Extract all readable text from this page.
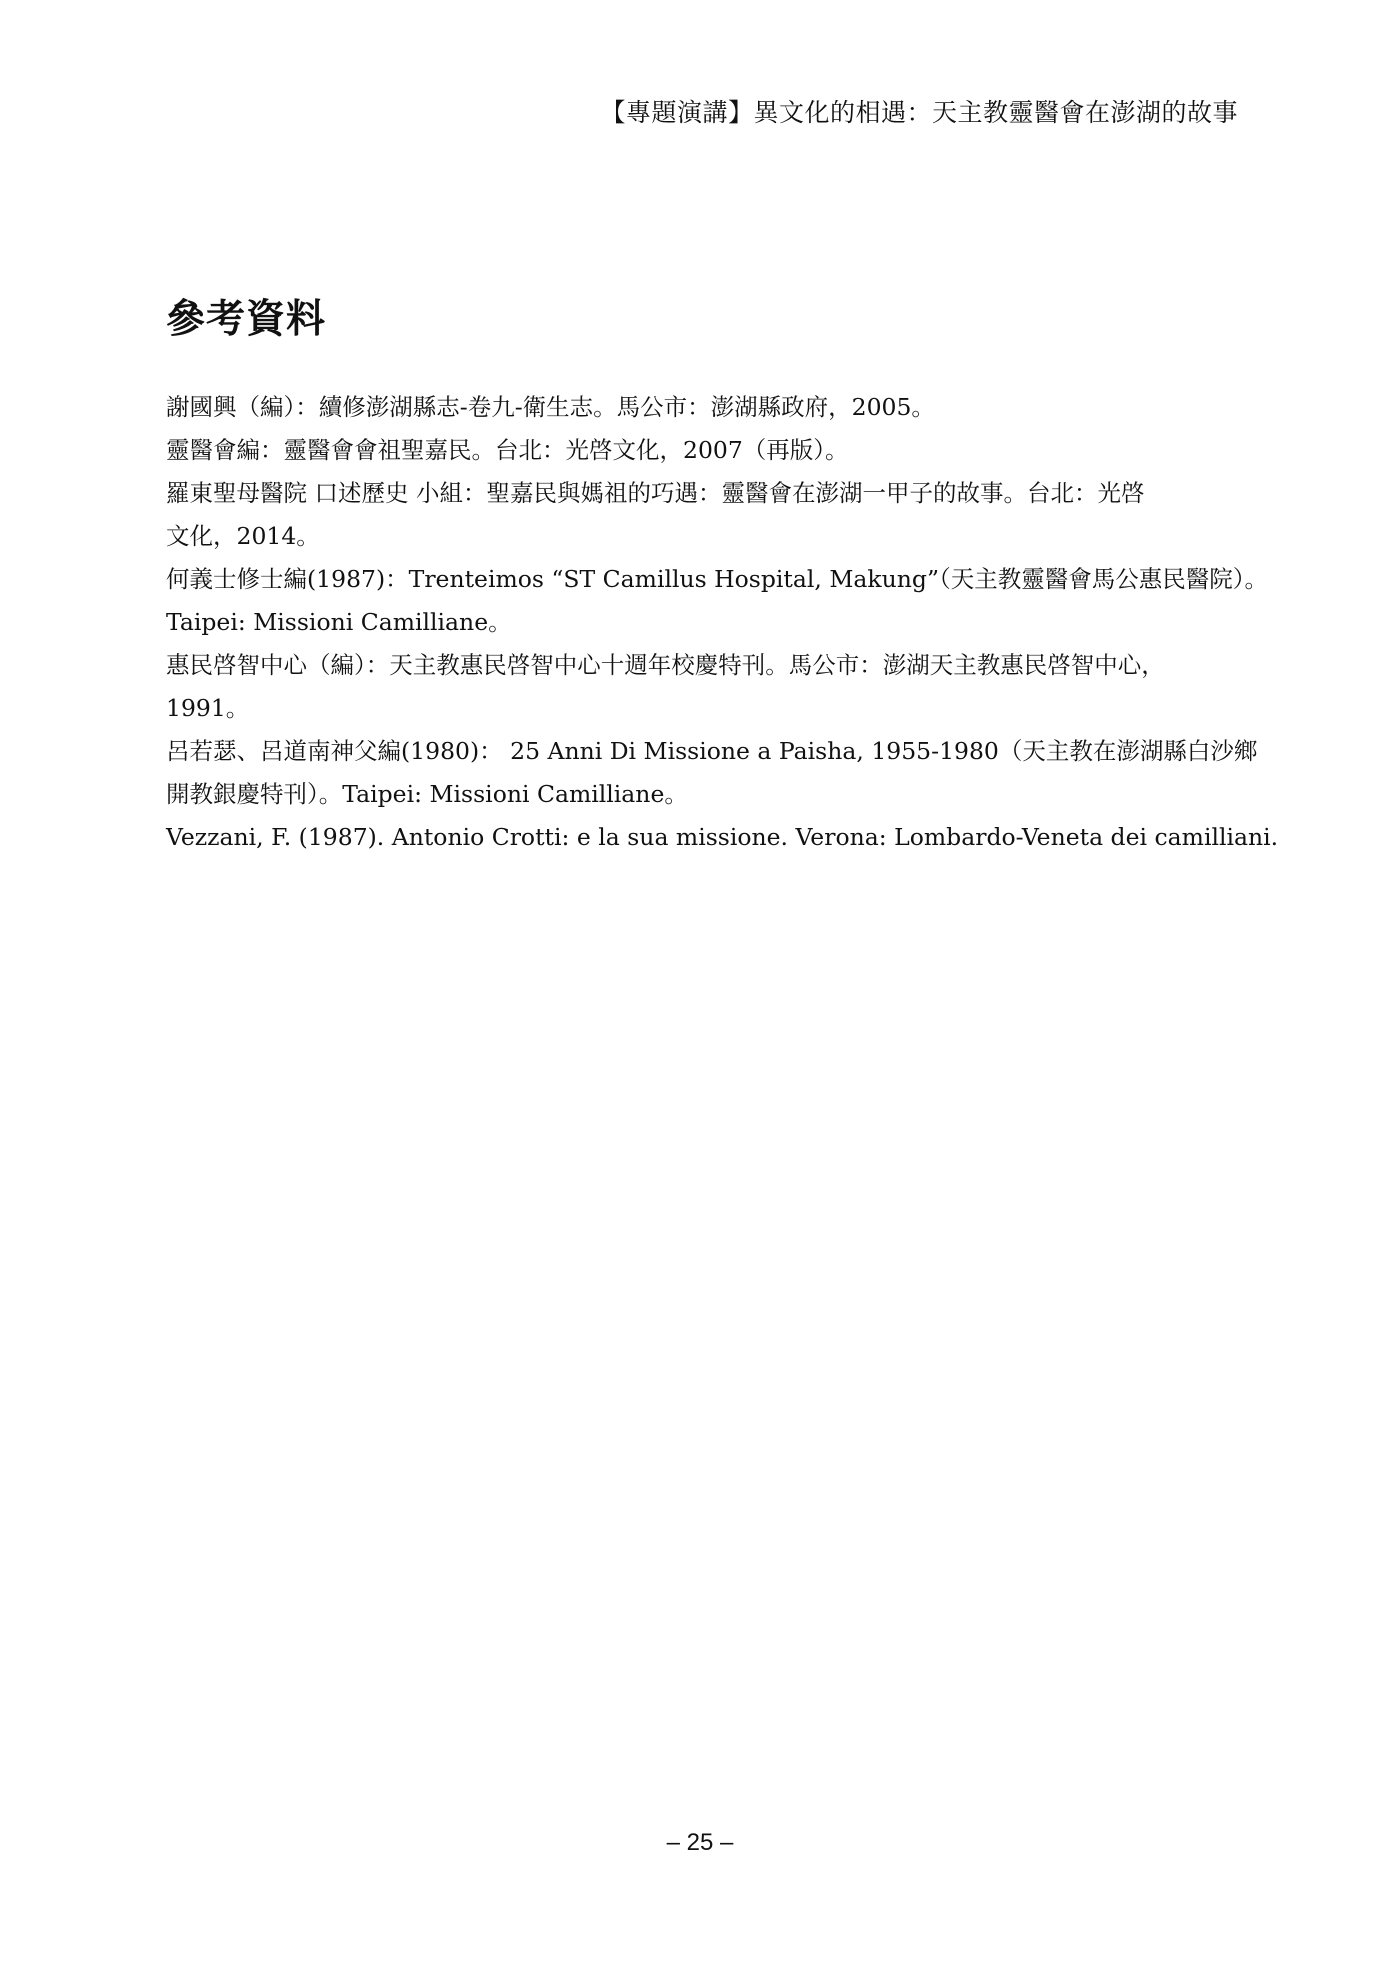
【專題演講】異文化的相遇：天主教靈醫會在澎湖的故事
參考資料
謝國興（編）：續修澎湖縣志-卷九-衛生志。馬公市：澎湖縣政府，2005。
靈醫會編：靈醫會會祖聖嘉民。台北：光啓文化，2007（再版）。
羅東聖母醫院 口述歷史 小組：聖嘉民與媽祖的巧遇：靈醫會在澎湖一甲子的故事。台北：光啓
文化，2014。
何義士修士編(1987)：Trenteimos “ST Camillus Hospital, Makung”（天主教靈醫會馬公惠民醫院）。
Taipei: Missioni Camilliane。
惠民啓智中心（編）：天主教惠民啓智中心十週年校慶特刊。馬公市：澎湖天主教惠民啓智中心，
1991。
呂若瑟、呂道南神父編(1980)： 25 Anni Di Missione a Paisha, 1955-1980（天主教在澎湖縣白沙鄉
開教銀慶特刊）。Taipei: Missioni Camilliane。
Vezzani, F. (1987). Antonio Crotti: e la sua missione. Verona: Lombardo-Veneta dei camilliani.
– 25 –
